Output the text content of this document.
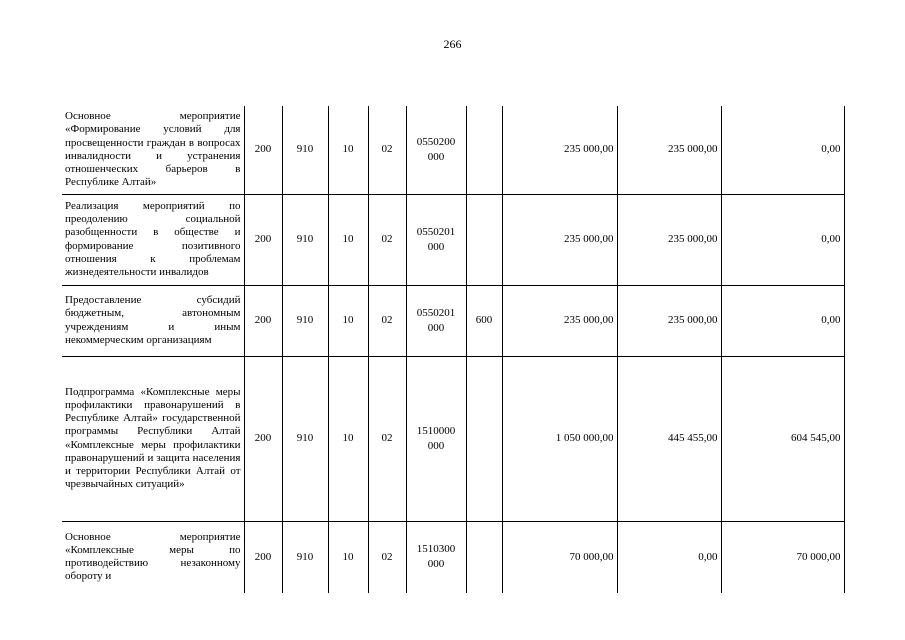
266
Основное мероприятие «Формирование условий для просвещенности граждан в вопросах инвалидности и устранения отношенческих барьеров в Республике Алтай»	200	910	10	02	0550200
000		235 000,00	235 000,00	0,00
Реализация мероприятий по преодолению социальной разобщенности в обществе и формирование позитивного отношения к проблемам жизнедеятельности инвалидов	200	910	10	02	0550201
000		235 000,00	235 000,00	0,00
Предоставление субсидий бюджетным, автономным учреждениям и иным некоммерческим организациям	200	910	10	02	0550201
000	600	235 000,00	235 000,00	0,00
Подпрограмма «Комплексные меры профилактики правонарушений в Республике Алтай» государственной программы Республики Алтай «Комплексные меры профилактики правонарушений и защита населения и территории Республики Алтай от чрезвычайных ситуаций»	200	910	10	02	1510000
000		1 050 000,00	445 455,00	604 545,00
Основное мероприятие «Комплексные меры по противодействию незаконному обороту и	200	910	10	02	1510300
000		70 000,00	0,00	70 000,00
